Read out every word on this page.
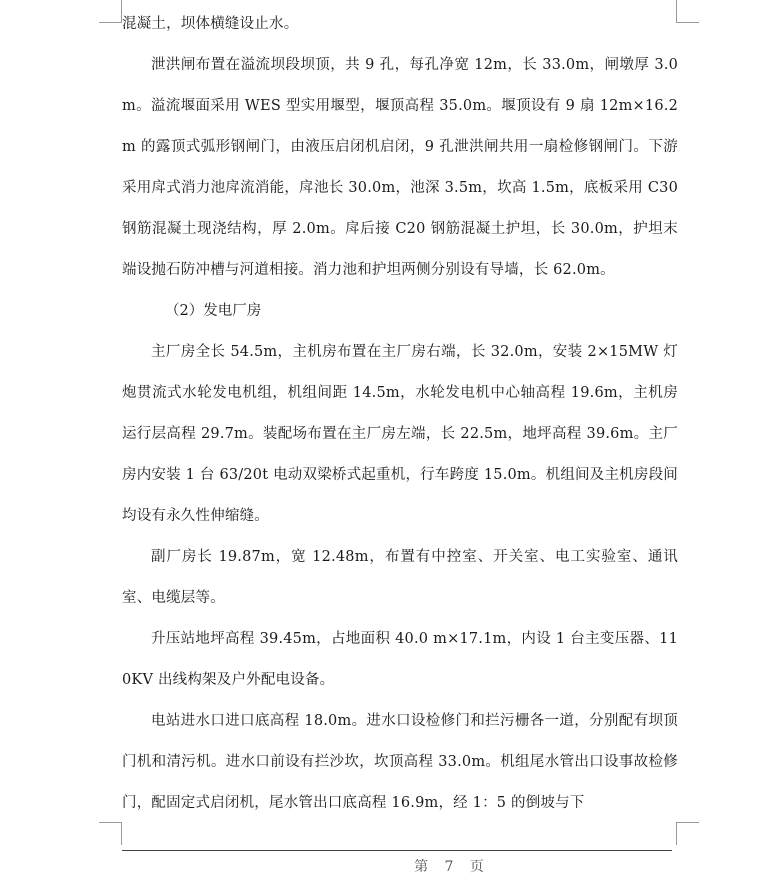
混凝土，坝体横缝设止水。

泄洪闸布置在溢流坝段坝顶，共 9 孔，每孔净宽 12m，长 33.0m，闸墩厚 3.0m。溢流堰面采用 WES 型实用堰型，堰顶高程 35.0m。堰顶设有 9 扇 12m×16.2m 的露顶式弧形钢闸门，由液压启闭机启闭，9 孔泄洪闸共用一扇检修钢闸门。下游采用戽式消力池戽流消能，戽池长 30.0m，池深 3.5m，坎高 1.5m，底板采用 C30 钢筋混凝土现浇结构，厚 2.0m。戽后接 C20 钢筋混凝土护坦，长 30.0m，护坦末端设抛石防冲槽与河道相接。消力池和护坦两侧分别设有导墙，长 62.0m。

（2）发电厂房

主厂房全长 54.5m，主机房布置在主厂房右端，长 32.0m，安装 2×15MW 灯炮贯流式水轮发电机组，机组间距 14.5m，水轮发电机中心轴高程 19.6m，主机房运行层高程 29.7m。装配场布置在主厂房左端，长 22.5m，地坪高程 39.6m。主厂房内安装 1 台 63/20t 电动双梁桥式起重机，行车跨度 15.0m。机组间及主机房段间均设有永久性伸缩缝。

副厂房长 19.87m，宽 12.48m，布置有中控室、开关室、电工实验室、通讯室、电缆层等。

升压站地坪高程 39.45m，占地面积 40.0 m×17.1m，内设 1 台主变压器、110KV 出线构架及户外配电设备。

电站进水口进口底高程 18.0m。进水口设检修门和拦污栅各一道，分别配有坝顶门机和清污机。进水口前设有拦沙坎，坎顶高程 33.0m。机组尾水管出口设事故检修门，配固定式启闭机，尾水管出口底高程 16.9m，经 1：5 的倒坡与下

第 7 页
